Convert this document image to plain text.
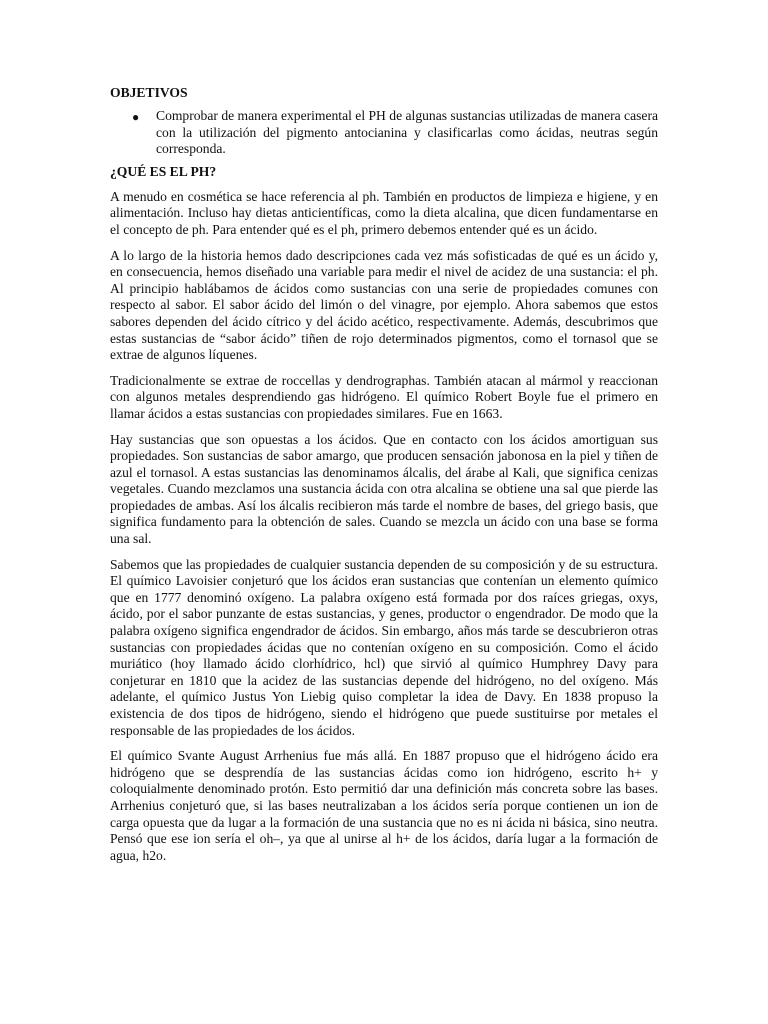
OBJETIVOS
● Comprobar de manera experimental el PH de algunas sustancias utilizadas de manera casera con la utilización del pigmento antocianina y clasificarlas como ácidas, neutras según corresponda.
¿QUÉ ES EL PH?

A menudo en cosmética se hace referencia al ph. También en productos de limpieza e higiene, y en alimentación. Incluso hay dietas anticientíficas, como la dieta alcalina, que dicen fundamentarse en el concepto de ph. Para entender qué es el ph, primero debemos entender qué es un ácido.

A lo largo de la historia hemos dado descripciones cada vez más sofisticadas de qué es un ácido y, en consecuencia, hemos diseñado una variable para medir el nivel de acidez de una sustancia: el ph. Al principio hablábamos de ácidos como sustancias con una serie de propiedades comunes con respecto al sabor. El sabor ácido del limón o del vinagre, por ejemplo. Ahora sabemos que estos sabores dependen del ácido cítrico y del ácido acético, respectivamente. Además, descubrimos que estas sustancias de “sabor ácido” tiñen de rojo determinados pigmentos, como el tornasol que se extrae de algunos líquenes.

Tradicionalmente se extrae de roccellas y dendrographas. También atacan al mármol y reaccionan con algunos metales desprendiendo gas hidrógeno. El químico Robert Boyle fue el primero en llamar ácidos a estas sustancias con propiedades similares. Fue en 1663.

Hay sustancias que son opuestas a los ácidos. Que en contacto con los ácidos amortiguan sus propiedades. Son sustancias de sabor amargo, que producen sensación jabonosa en la piel y tiñen de azul el tornasol. A estas sustancias las denominamos álcalis, del árabe al Kali, que significa cenizas vegetales. Cuando mezclamos una sustancia ácida con otra alcalina se obtiene una sal que pierde las propiedades de ambas. Así los álcalis recibieron más tarde el nombre de bases, del griego basis, que significa fundamento para la obtención de sales. Cuando se mezcla un ácido con una base se forma una sal.

Sabemos que las propiedades de cualquier sustancia dependen de su composición y de su estructura. El químico Lavoisier conjeturó que los ácidos eran sustancias que contenían un elemento químico que en 1777 denominó oxígeno. La palabra oxígeno está formada por dos raíces griegas, oxys, ácido, por el sabor punzante de estas sustancias, y genes, productor o engendrador. De modo que la palabra oxígeno significa engendrador de ácidos. Sin embargo, años más tarde se descubrieron otras sustancias con propiedades ácidas que no contenían oxígeno en su composición. Como el ácido muriático (hoy llamado ácido clorhídrico, hcl) que sirvió al químico Humphrey Davy para conjeturar en 1810 que la acidez de las sustancias depende del hidrógeno, no del oxígeno. Más adelante, el químico Justus Yon Liebig quiso completar la idea de Davy. En 1838 propuso la existencia de dos tipos de hidrógeno, siendo el hidrógeno que puede sustituirse por metales el responsable de las propiedades de los ácidos.

El químico Svante August Arrhenius fue más allá. En 1887 propuso que el hidrógeno ácido era hidrógeno que se desprendía de las sustancias ácidas como ion hidrógeno, escrito h+ y coloquialmente denominado protón. Esto permitió dar una definición más concreta sobre las bases. Arrhenius conjeturó que, si las bases neutralizaban a los ácidos sería porque contienen un ion de carga opuesta que da lugar a la formación de una sustancia que no es ni ácida ni básica, sino neutra. Pensó que ese ion sería el oh–, ya que al unirse al h+ de los ácidos, daría lugar a la formación de agua, h2o.
